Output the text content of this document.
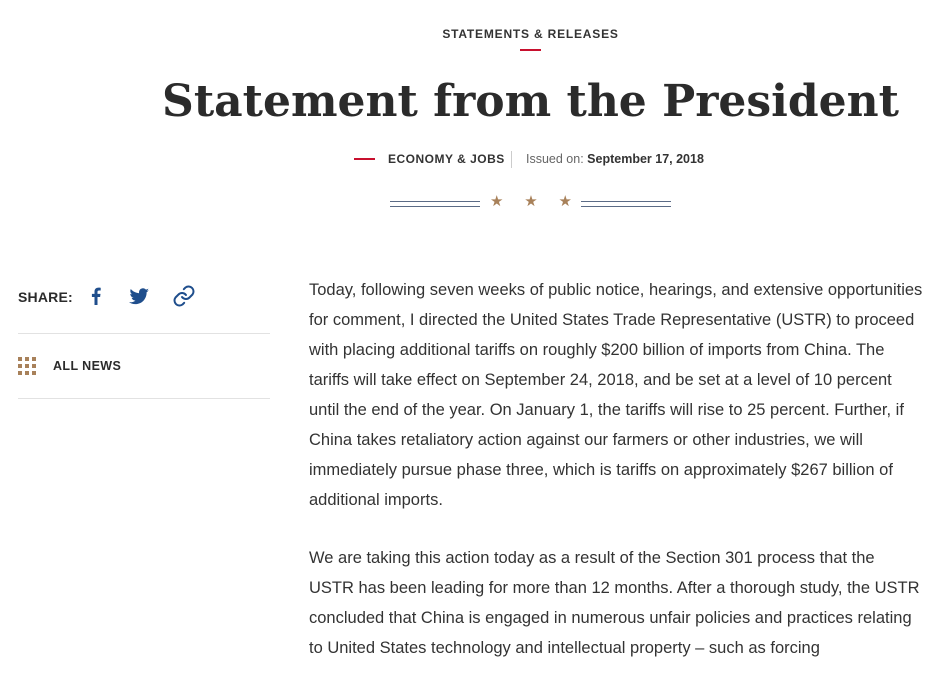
STATEMENTS & RELEASES
Statement from the President
ECONOMY & JOBS Issued on: September 17, 2018
★ ★ ★
SHARE:
ALL NEWS

Today, following seven weeks of public notice, hearings, and extensive opportunities for comment, I directed the United States Trade Representative (USTR) to proceed with placing additional tariffs on roughly $200 billion of imports from China. The tariffs will take effect on September 24, 2018, and be set at a level of 10 percent until the end of the year. On January 1, the tariffs will rise to 25 percent. Further, if China takes retaliatory action against our farmers or other industries, we will immediately pursue phase three, which is tariffs on approximately $267 billion of additional imports.

We are taking this action today as a result of the Section 301 process that the USTR has been leading for more than 12 months. After a thorough study, the USTR concluded that China is engaged in numerous unfair policies and practices relating to United States technology and intellectual property – such as forcing
